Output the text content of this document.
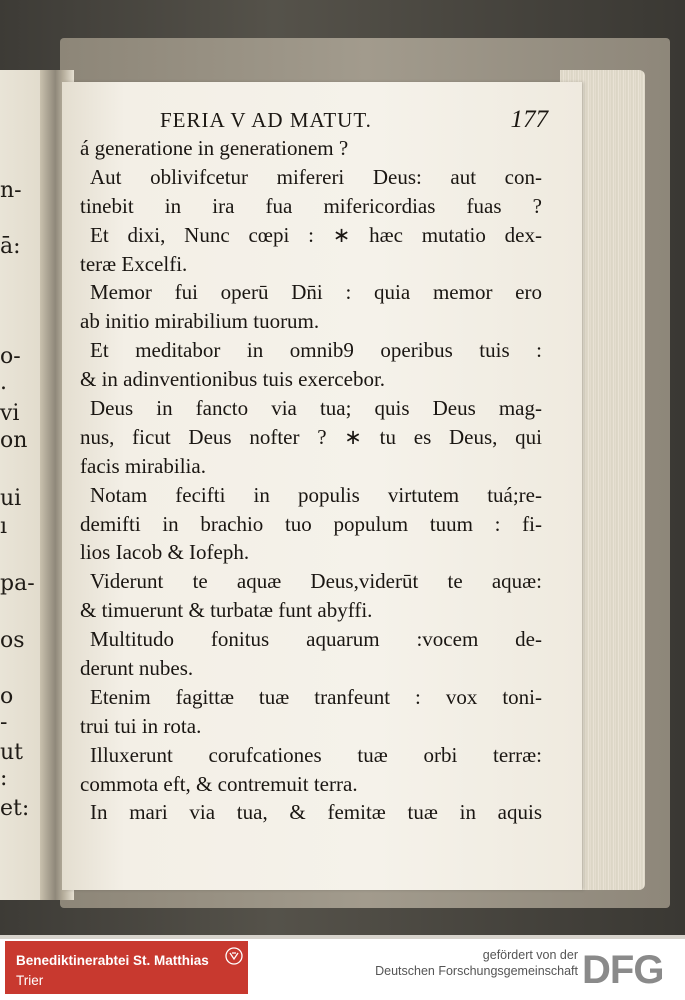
n-
ā:
o-
.
vi
on
ui
ı
pa-
os
o
-
ut
:
et:
FERIA V AD MATUT.	177
á generatione in generationem ?
Aut oblivifcetur mifereri Deus: aut con-
tinebit in ira fua mifericordias fuas ?
Et dixi, Nunc cœpi : ∗ hæc mutatio dex-
teræ Excelfi.
Memor fui operū Dn̄i : quia memor ero
ab initio mirabilium tuorum.
Et meditabor in omnib9 operibus tuis :
& in adinventionibus tuis exercebor.
Deus in fancto via tua; quis Deus mag-
nus, ficut Deus nofter ? ∗ tu es Deus, qui
facis mirabilia.
Notam fecifti in populis virtutem tuá;re-
demifti in brachio tuo populum tuum : fi-
lios Iacob & Iofeph.
Viderunt te aquæ Deus,viderūt te aquæ:
& timuerunt & turbatæ funt abyffi.
Multitudo fonitus aquarum :vocem de-
derunt nubes.
Etenim fagittæ tuæ tranfeunt : vox toni-
trui tui in rota.
Illuxerunt corufcationes tuæ orbi terræ:
commota eft, & contremuit terra.
In mari via tua, & femitæ tuæ in aquis
Benediktinerabtei St. Matthias
Trier
gefördert von der
Deutschen Forschungsgemeinschaft DFG
